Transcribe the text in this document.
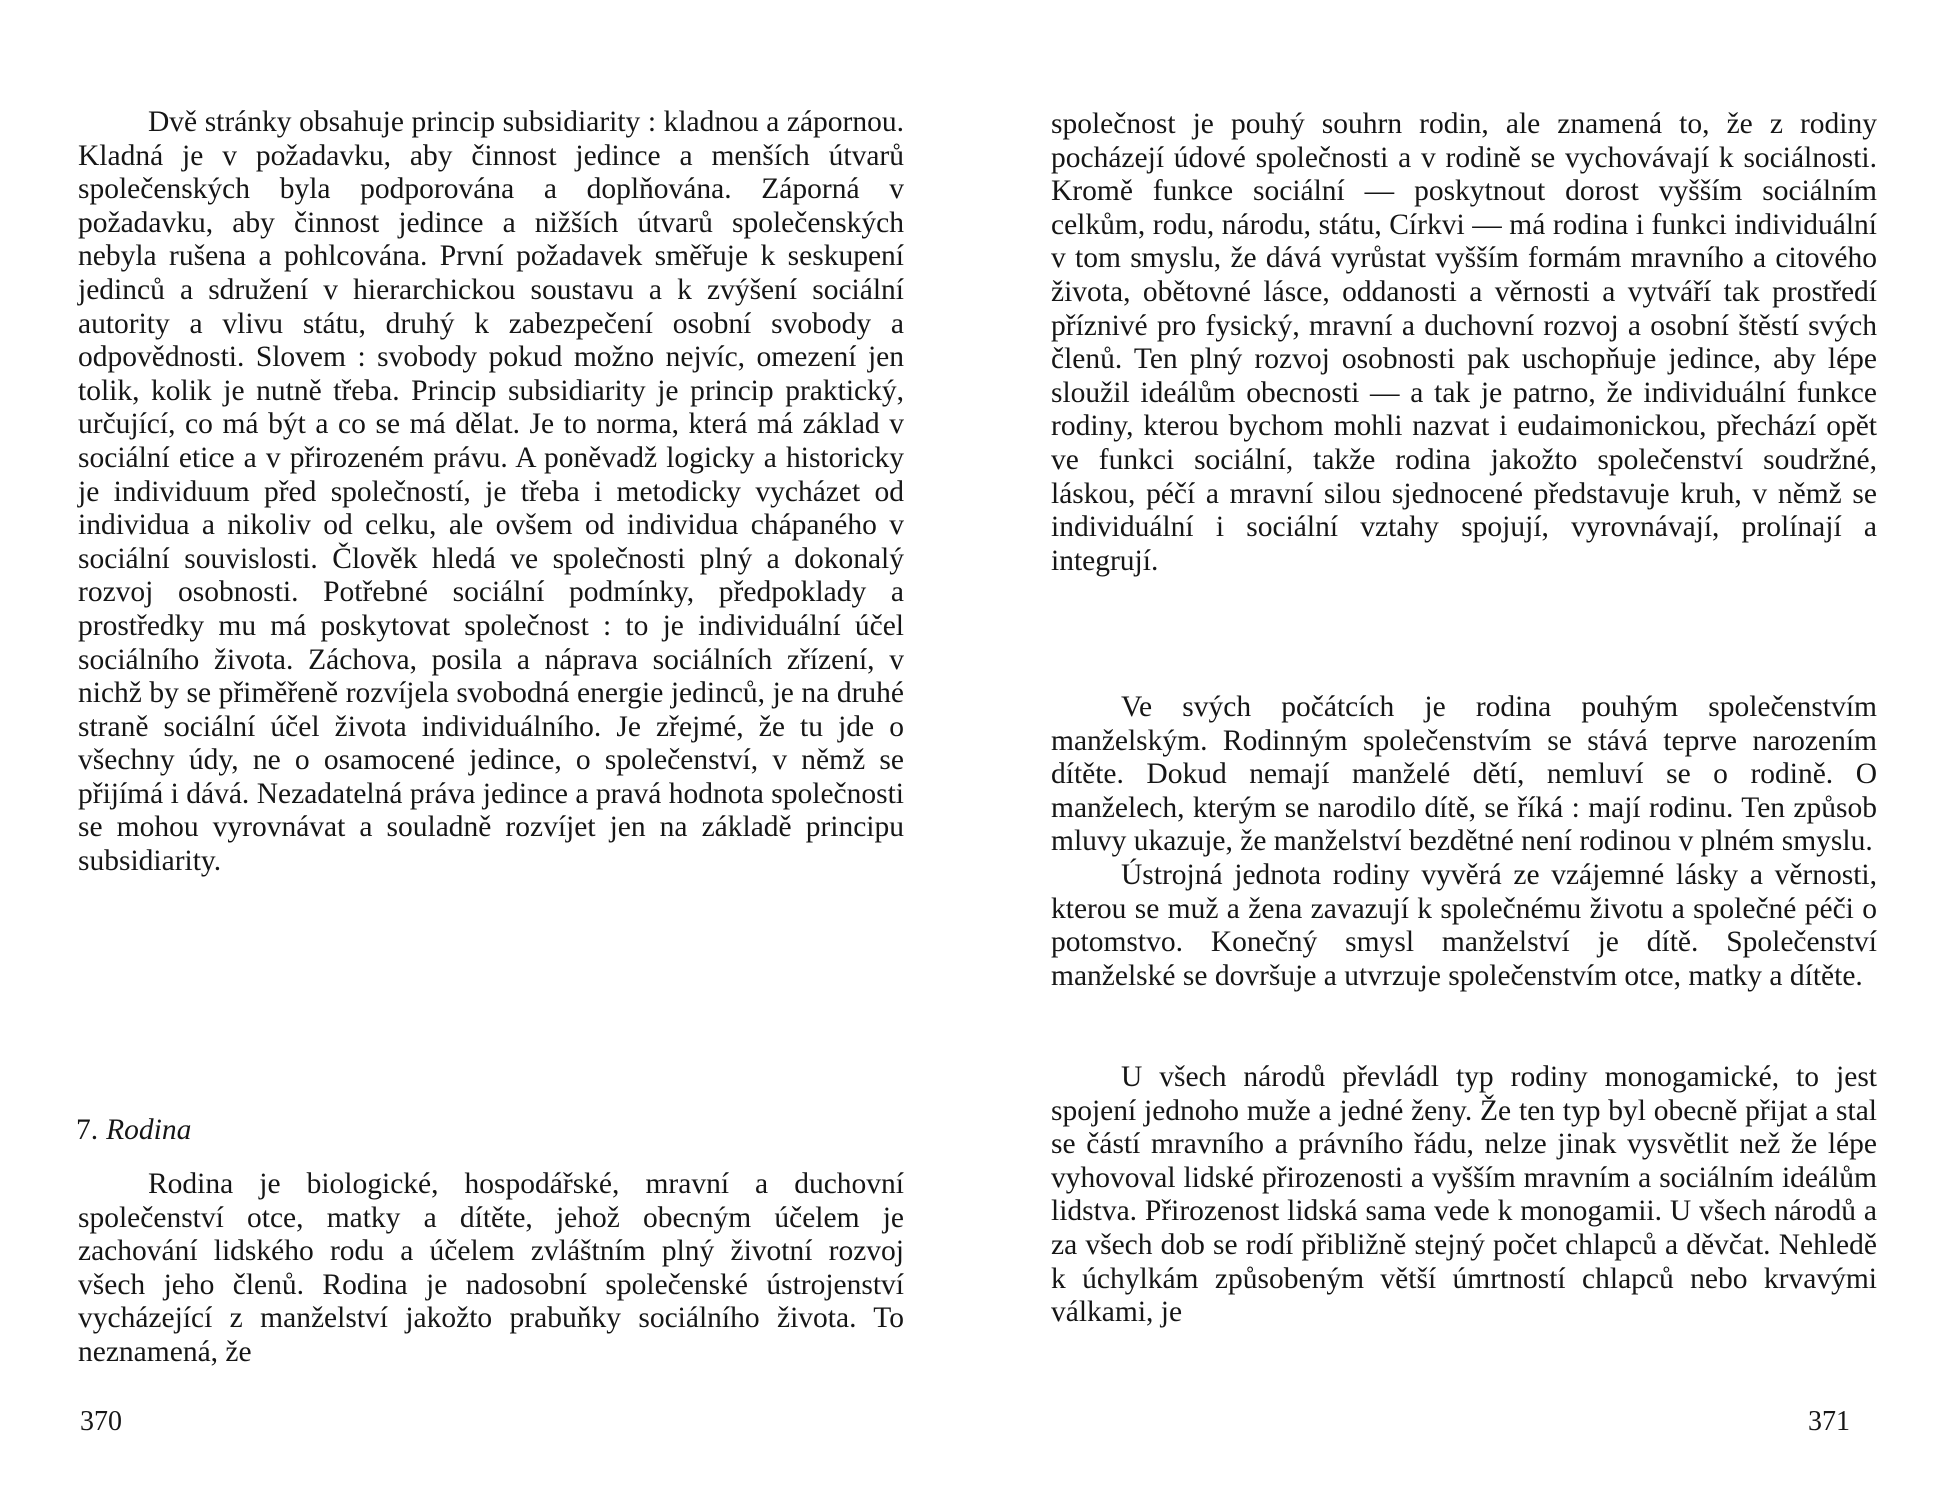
Dvě stránky obsahuje princip subsidiarity : kladnou a zápornou. Kladná je v požadavku, aby činnost jedince a menších útvarů společenských byla podporována a doplňována. Záporná v požadavku, aby činnost jedince a nižších útvarů společenských nebyla rušena a pohlcována. První požadavek směřuje k seskupení jedinců a sdružení v hierarchickou soustavu a k zvýšení sociální autority a vlivu státu, druhý k zabezpečení osobní svobody a odpovědnosti. Slovem : svobody pokud možno nejvíc, omezení jen tolik, kolik je nutně třeba. Princip subsidiarity je princip praktický, určující, co má být a co se má dělat. Je to norma, která má základ v sociální etice a v přirozeném právu. A poněvadž logicky a historicky je individuum před společností, je třeba i metodicky vycházet od individua a nikoliv od celku, ale ovšem od individua chápaného v sociální souvislosti. Člověk hledá ve společnosti plný a dokonalý rozvoj osobnosti. Potřebné sociální podmínky, předpoklady a prostředky mu má poskytovat společnost : to je individuální účel sociálního života. Záchova, posila a náprava sociálních zřízení, v nichž by se přiměřeně rozvíjela svobodná energie jedinců, je na druhé straně sociální účel života individuálního. Je zřejmé, že tu jde o všechny údy, ne o osamocené jedince, o společenství, v němž se přijímá i dává. Nezadatelná práva jedince a pravá hodnota společnosti se mohou vyrovnávat a souladně rozvíjet jen na základě principu subsidiarity.

7. Rodina

Rodina je biologické, hospodářské, mravní a duchovní společenství otce, matky a dítěte, jehož obecným účelem je zachování lidského rodu a účelem zvláštním plný životní rozvoj všech jeho členů. Rodina je nadosobní společenské ústrojenství vycházející z manželství jakožto prabuňky sociálního života. To neznamená, že

370

společnost je pouhý souhrn rodin, ale znamená to, že z rodiny pocházejí údové společnosti a v rodině se vychovávají k sociálnosti. Kromě funkce sociální — poskytnout dorost vyšším sociálním celkům, rodu, národu, státu, Církvi — má rodina i funkci individuální v tom smyslu, že dává vyrůstat vyšším formám mravního a citového života, obětovné lásce, oddanosti a věrnosti a vytváří tak prostředí příznivé pro fysický, mravní a duchovní rozvoj a osobní štěstí svých členů. Ten plný rozvoj osobnosti pak uschopňuje jedince, aby lépe sloužil ideálům obecnosti — a tak je patrno, že individuální funkce rodiny, kterou bychom mohli nazvat i eudaimonickou, přechází opět ve funkci sociální, takže rodina jakožto společenství soudržné, láskou, péčí a mravní silou sjednocené představuje kruh, v němž se individuální i sociální vztahy spojují, vyrovnávají, prolínají a integrují.

Ve svých počátcích je rodina pouhým společenstvím manželským. Rodinným společenstvím se stává teprve narozením dítěte. Dokud nemají manželé dětí, nemluví se o rodině. O manželech, kterým se narodilo dítě, se říká : mají rodinu. Ten způsob mluvy ukazuje, že manželství bezdětné není rodinou v plném smyslu.

Ústrojná jednota rodiny vyvěrá ze vzájemné lásky a věrnosti, kterou se muž a žena zavazují k společnému životu a společné péči o potomstvo. Konečný smysl manželství je dítě. Společenství manželské se dovršuje a utvrzuje společenstvím otce, matky a dítěte.

U všech národů převládl typ rodiny monogamické, to jest spojení jednoho muže a jedné ženy. Že ten typ byl obecně přijat a stal se částí mravního a právního řádu, nelze jinak vysvětlit než že lépe vyhovoval lidské přirozenosti a vyšším mravním a sociálním ideálům lidstva. Přirozenost lidská sama vede k monogamii. U všech národů a za všech dob se rodí přibližně stejný počet chlapců a děvčat. Nehledě k úchylkám způsobeným větší úmrtností chlapců nebo krvavými válkami, je

371
